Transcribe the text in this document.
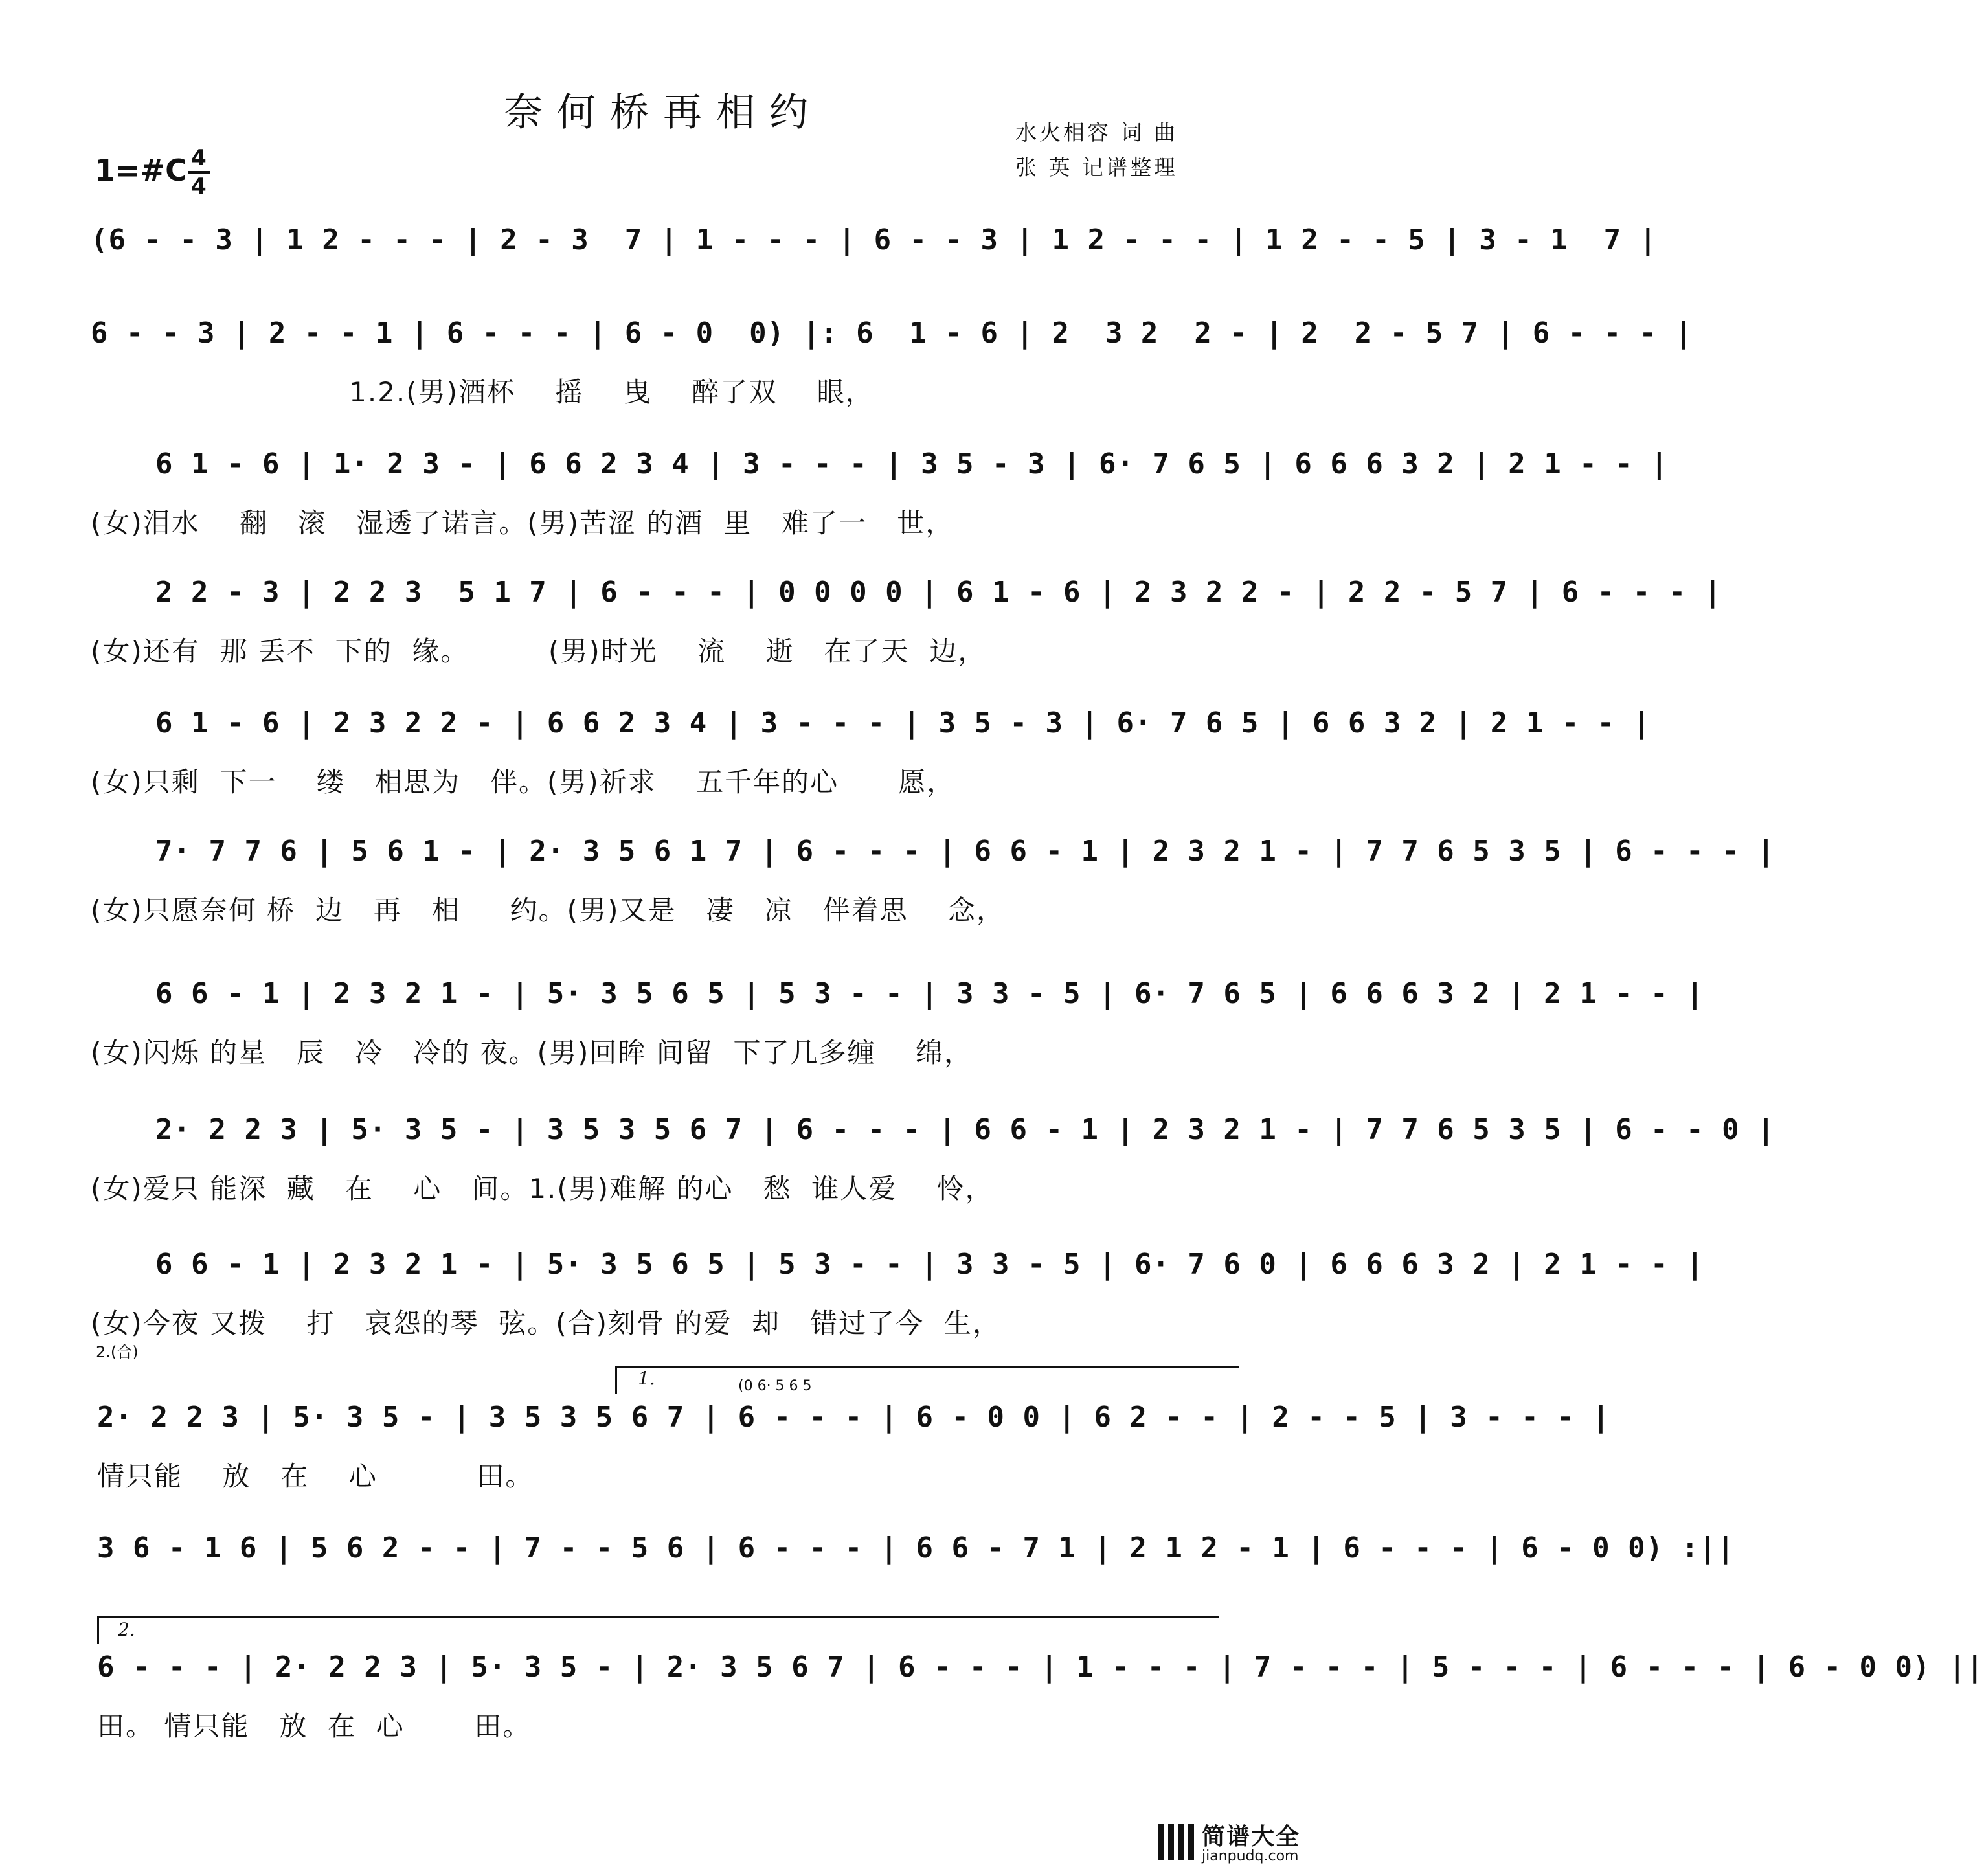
奈何桥再相约	水火相容 词 曲
张 英 记谱整理
1=#C 4
4
(6 - - 3 | 1 2 - - - | 2 - 3  7 | 1 - - - | 6 - - 3 | 1 2 - - - | 1 2 - - 5 | 3 - 1  7 |
6 - - 3 | 2 - - 1 | 6 - - - | 6 - 0  0) |: 6  1 - 6 | 2  3 2  2 - | 2  2 - 5 7 | 6 - - - |
1.2.(男)酒杯    摇    曳    醉了双    眼，
6 1 - 6 | 1· 2 3 - | 6 6 2 3 4 | 3 - - - | 3 5 - 3 | 6· 7 6 5 | 6 6 6 3 2 | 2 1 - - |
(女)泪水    翻   滚   湿透了诺言。(男)苦涩 的酒  里   难了一   世，
2 2 - 3 | 2 2 3  5 1 7 | 6 - - - | 0 0 0 0 | 6 1 - 6 | 2 3 2 2 - | 2 2 - 5 7 | 6 - - - |
(女)还有  那 丢不  下的  缘。        (男)时光    流    逝   在了天  边，
6 1 - 6 | 2 3 2 2 - | 6 6 2 3 4 | 3 - - - | 3 5 - 3 | 6· 7 6 5 | 6 6 3 2 | 2 1 - - |
(女)只剩  下一    缕   相思为   伴。(男)祈求    五千年的心      愿，
7· 7 7 6 | 5 6 1 - | 2· 3 5 6 1 7 | 6 - - - | 6 6 - 1 | 2 3 2 1 - | 7 7 6 5 3 5 | 6 - - - |
(女)只愿奈何 桥  边   再   相     约。(男)又是   凄   凉   伴着思    念，
6 6 - 1 | 2 3 2 1 - | 5· 3 5 6 5 | 5 3 - - | 3 3 - 5 | 6· 7 6 5 | 6 6 6 3 2 | 2 1 - - |
(女)闪烁 的星   辰   冷   冷的 夜。(男)回眸 间留  下了几多缠    绵，
2· 2 2 3 | 5· 3 5 - | 3 5 3 5 6 7 | 6 - - - | 6 6 - 1 | 2 3 2 1 - | 7 7 6 5 3 5 | 6 - - 0 |
(女)爱只 能深  藏   在    心   间。1.(男)难解 的心   愁  谁人爱    怜，
6 6 - 1 | 2 3 2 1 - | 5· 3 5 6 5 | 5 3 - - | 3 3 - 5 | 6· 7 6 0 | 6 6 6 3 2 | 2 1 - - |
(女)今夜 又拨    打   哀怨的琴  弦。(合)刻骨 的爱  却   错过了今  生，
2.(合)
1.	(0 6· 5 6 5
2· 2 2 3 | 5· 3 5 - | 3 5 3 5 6 7 | 6 - - - | 6 - 0 0 | 6 2 - - | 2 - - 5 | 3 - - - |
情只能    放   在    心          田。
3 6 - 1 6 | 5 6 2 - - | 7 - - 5 6 | 6 - - - | 6 6 - 7 1 | 2 1 2 - 1 | 6 - - - | 6 - 0 0) :||
2.
6 - - - | 2· 2 2 3 | 5· 3 5 - | 2· 3 5 6 7 | 6 - - - | 1 - - - | 7 - - - | 5 - - - | 6 - - - | 6 - 0 0) ||
田。 情只能   放  在  心       田。
简谱大全
jianpudq.com
